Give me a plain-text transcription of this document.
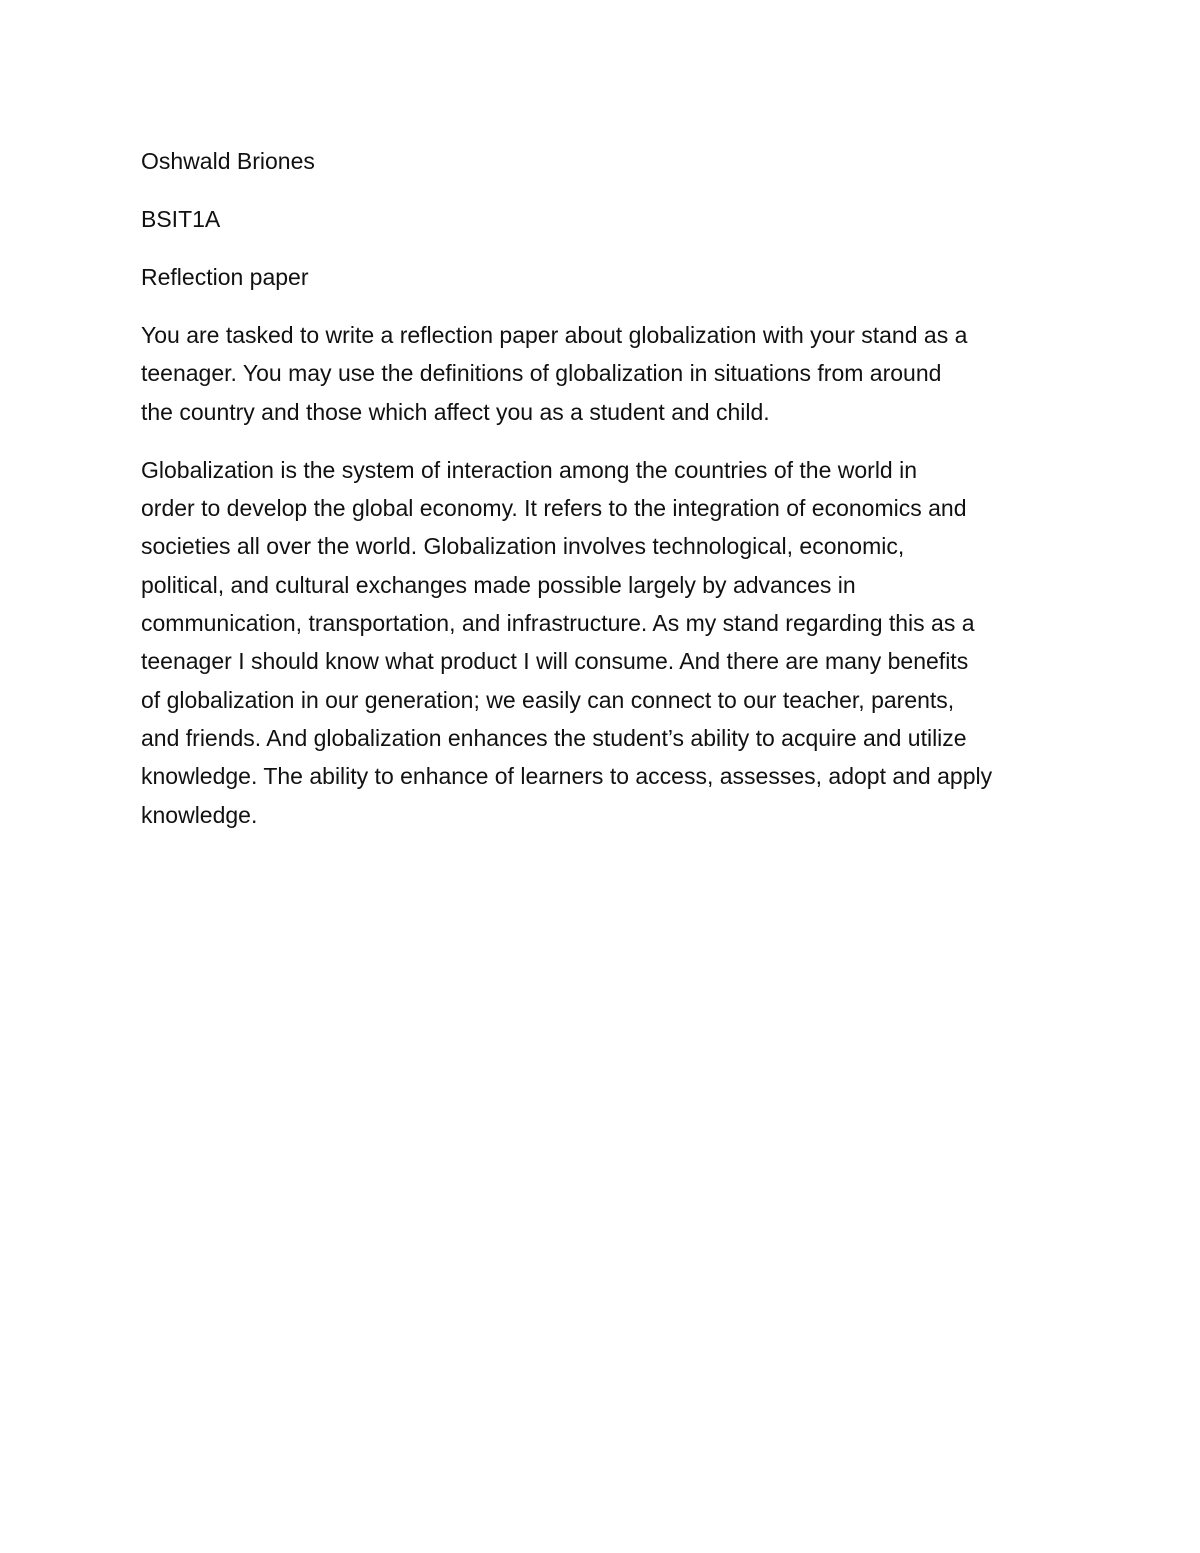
Oshwald Briones

BSIT1A

Reflection paper

You are tasked to write a reflection paper about globalization with your stand as a
teenager. You may use the definitions of globalization in situations from around
the country and those which affect you as a student and child.

Globalization is the system of interaction among the countries of the world in
order to develop the global economy. It refers to the integration of economics and
societies all over the world. Globalization involves technological, economic,
political, and cultural exchanges made possible largely by advances in
communication, transportation, and infrastructure. As my stand regarding this as a
teenager I should know what product I will consume. And there are many benefits
of globalization in our generation; we easily can connect to our teacher, parents,
and friends. And globalization enhances the student’s ability to acquire and utilize
knowledge. The ability to enhance of learners to access, assesses, adopt and apply
knowledge.
